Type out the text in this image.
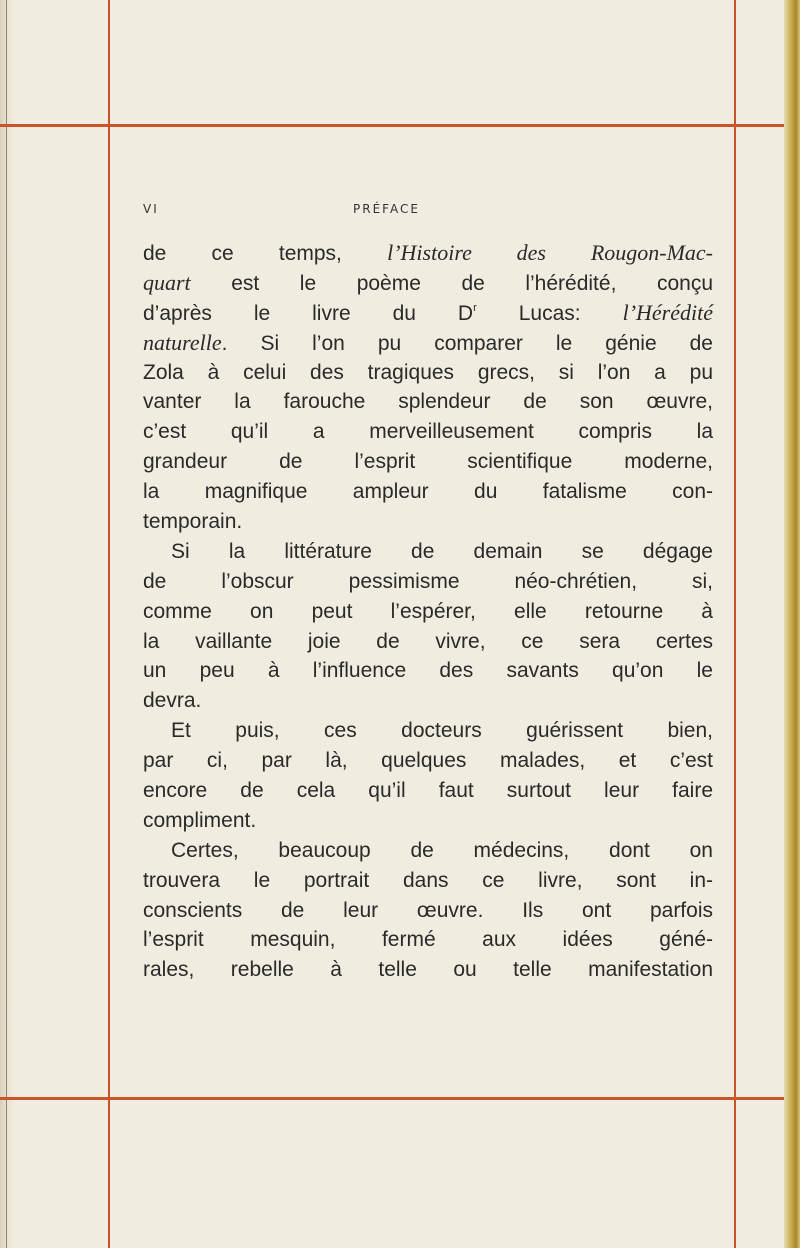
VI	PRÉFACE
de ce temps, l’Histoire des Rougon-Mac-
quart est le poème de l’hérédité, conçu
d’après le livre du $D^r$ Lucas: l’Hérédité
naturelle. Si l’on pu comparer le génie de
Zola à celui des tragiques grecs, si l’on a pu
vanter la farouche splendeur de son œuvre,
c’est qu’il a merveilleusement compris la
grandeur de l’esprit scientifique moderne,
la magnifique ampleur du fatalisme con-
temporain.
Si la littérature de demain se dégage
de l’obscur pessimisme néo-chrétien, si,
comme on peut l’espérer, elle retourne à
la vaillante joie de vivre, ce sera certes
un peu à l’influence des savants qu’on le
devra.
Et puis, ces docteurs guérissent bien,
par ci, par là, quelques malades, et c’est
encore de cela qu’il faut surtout leur faire
compliment.
Certes, beaucoup de médecins, dont on
trouvera le portrait dans ce livre, sont in-
conscients de leur œuvre. Ils ont parfois
l’esprit mesquin, fermé aux idées géné-
rales, rebelle à telle ou telle manifestation
